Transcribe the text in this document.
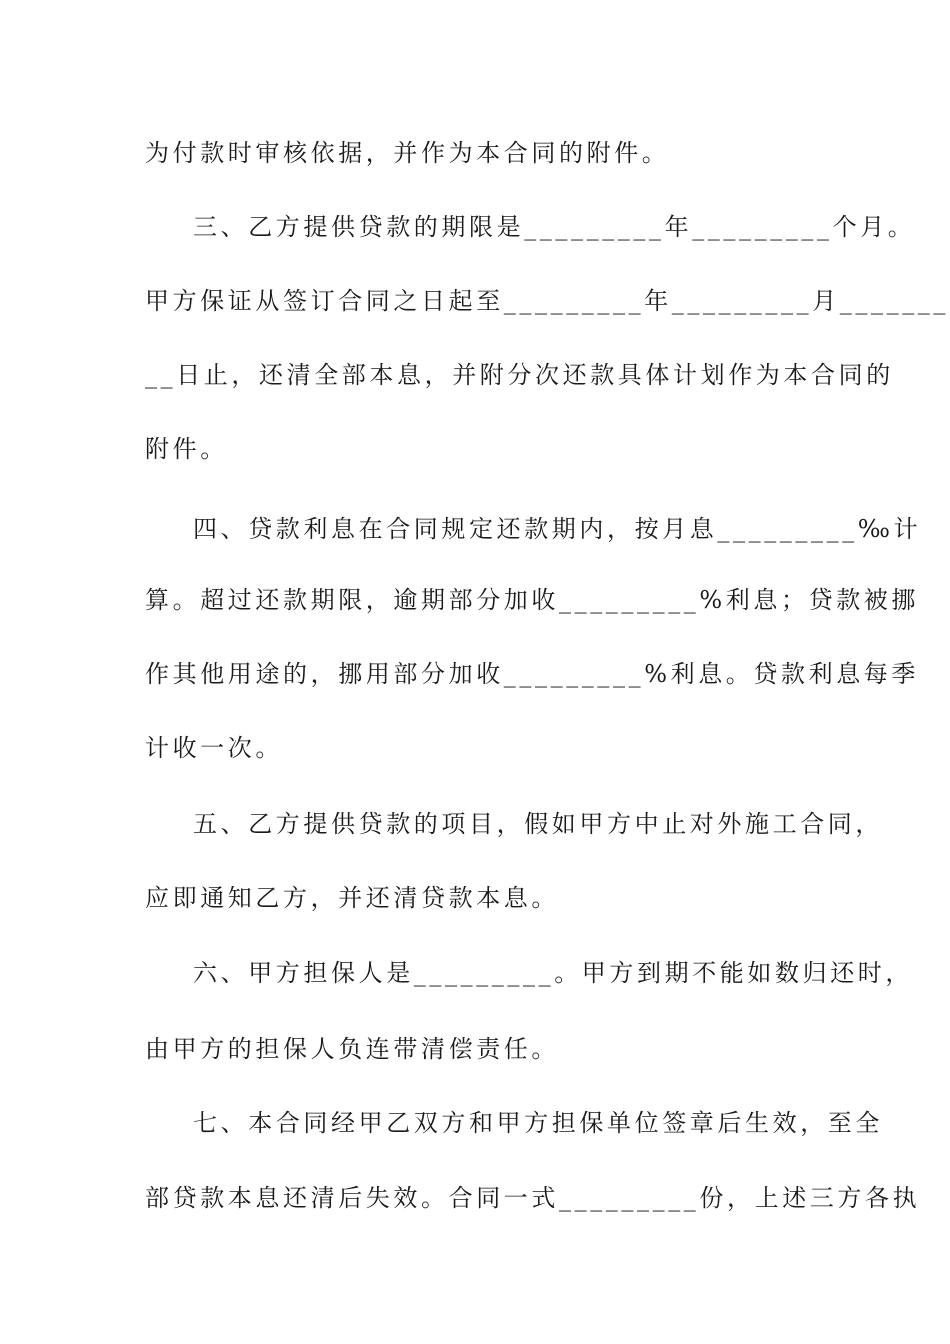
为付款时审核依据，并作为本合同的附件。
三、乙方提供贷款的期限是_________年_________个月。
甲方保证从签订合同之日起至_________年_________月_______
__日止，还清全部本息，并附分次还款具体计划作为本合同的
附件。
四、贷款利息在合同规定还款期内，按月息_________‰计
算。超过还款期限，逾期部分加收_________%利息；贷款被挪
作其他用途的，挪用部分加收_________%利息。贷款利息每季
计收一次。
五、乙方提供贷款的项目，假如甲方中止对外施工合同，
应即通知乙方，并还清贷款本息。
六、甲方担保人是_________。甲方到期不能如数归还时，
由甲方的担保人负连带清偿责任。
七、本合同经甲乙双方和甲方担保单位签章后生效，至全
部贷款本息还清后失效。合同一式_________份，上述三方各执
